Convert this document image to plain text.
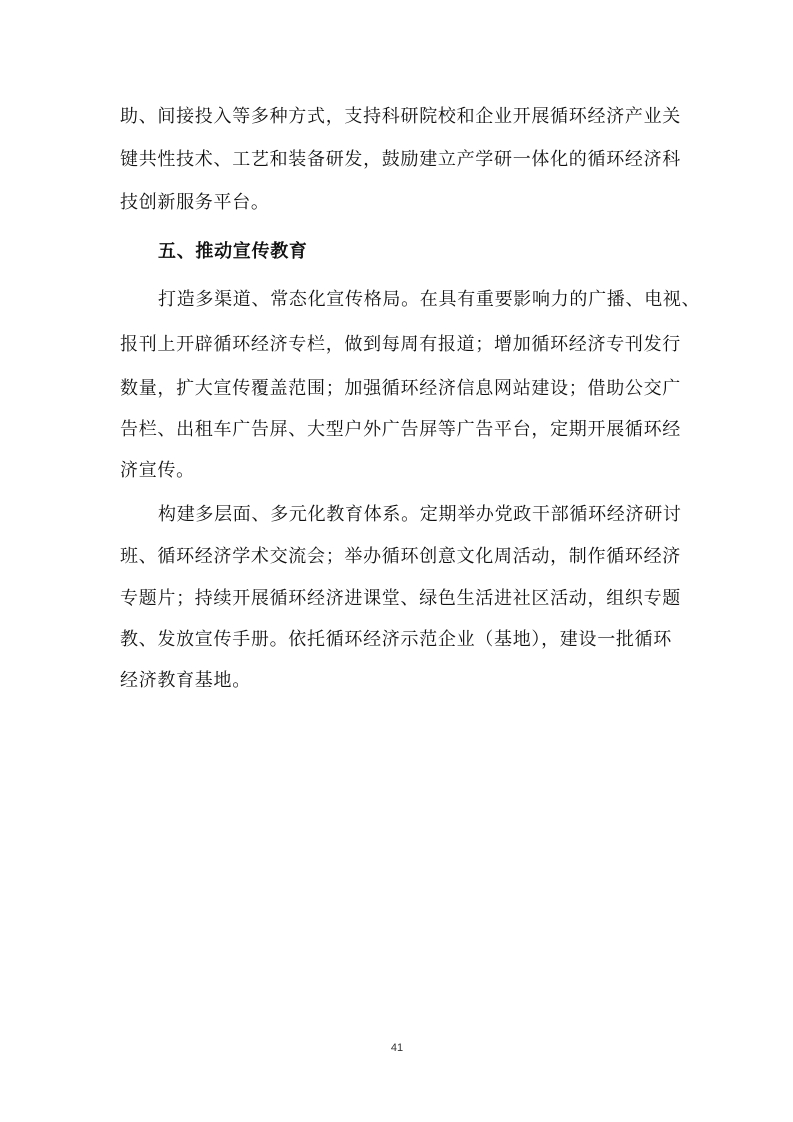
助、间接投入等多种方式，支持科研院校和企业开展循环经济产业关
键共性技术、工艺和装备研发，鼓励建立产学研一体化的循环经济科
技创新服务平台。
五、推动宣传教育
打造多渠道、常态化宣传格局。在具有重要影响力的广播、电视、
报刊上开辟循环经济专栏，做到每周有报道；增加循环经济专刊发行
数量，扩大宣传覆盖范围；加强循环经济信息网站建设；借助公交广
告栏、出租车广告屏、大型户外广告屏等广告平台，定期开展循环经
济宣传。
构建多层面、多元化教育体系。定期举办党政干部循环经济研讨
班、循环经济学术交流会；举办循环创意文化周活动，制作循环经济
专题片；持续开展循环经济进课堂、绿色生活进社区活动，组织专题
教、发放宣传手册。依托循环经济示范企业（基地），建设一批循环
经济教育基地。
41
